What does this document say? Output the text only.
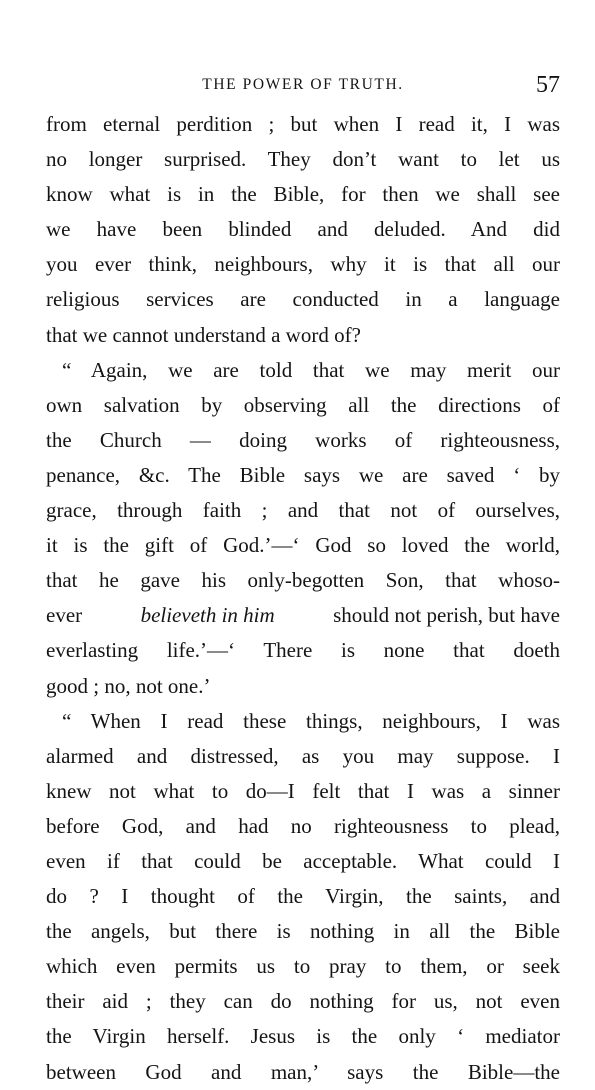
THE POWER OF TRUTH.	57
from eternal perdition ; but when I read it, I was
no longer surprised. They don’t want to let us
know what is in the Bible, for then we shall see
we have been blinded and deluded. And did
you ever think, neighbours, why it is that all our
religious services are conducted in a language
that we cannot understand a word of?
“ Again, we are told that we may merit our
own salvation by observing all the directions of
the Church — doing works of righteousness,
penance, &c. The Bible says we are saved ‘ by
grace, through faith ; and that not of ourselves,
it is the gift of God.’—‘ God so loved the world,
that he gave his only-begotten Son, that whoso-
ever	believeth in him	should not perish, but have
everlasting life.’—‘ There is none that doeth
good ; no, not one.’
“ When I read these things, neighbours, I was
alarmed and distressed, as you may suppose. I
knew not what to do—I felt that I was a sinner
before God, and had no righteousness to plead,
even if that could be acceptable. What could I
do ? I thought of the Virgin, the saints, and
the angels, but there is nothing in all the Bible
which even permits us to pray to them, or seek
their aid ; they can do nothing for us, not even
the Virgin herself. Jesus is the only ‘ mediator
between God and man,’ says the Bible—the
